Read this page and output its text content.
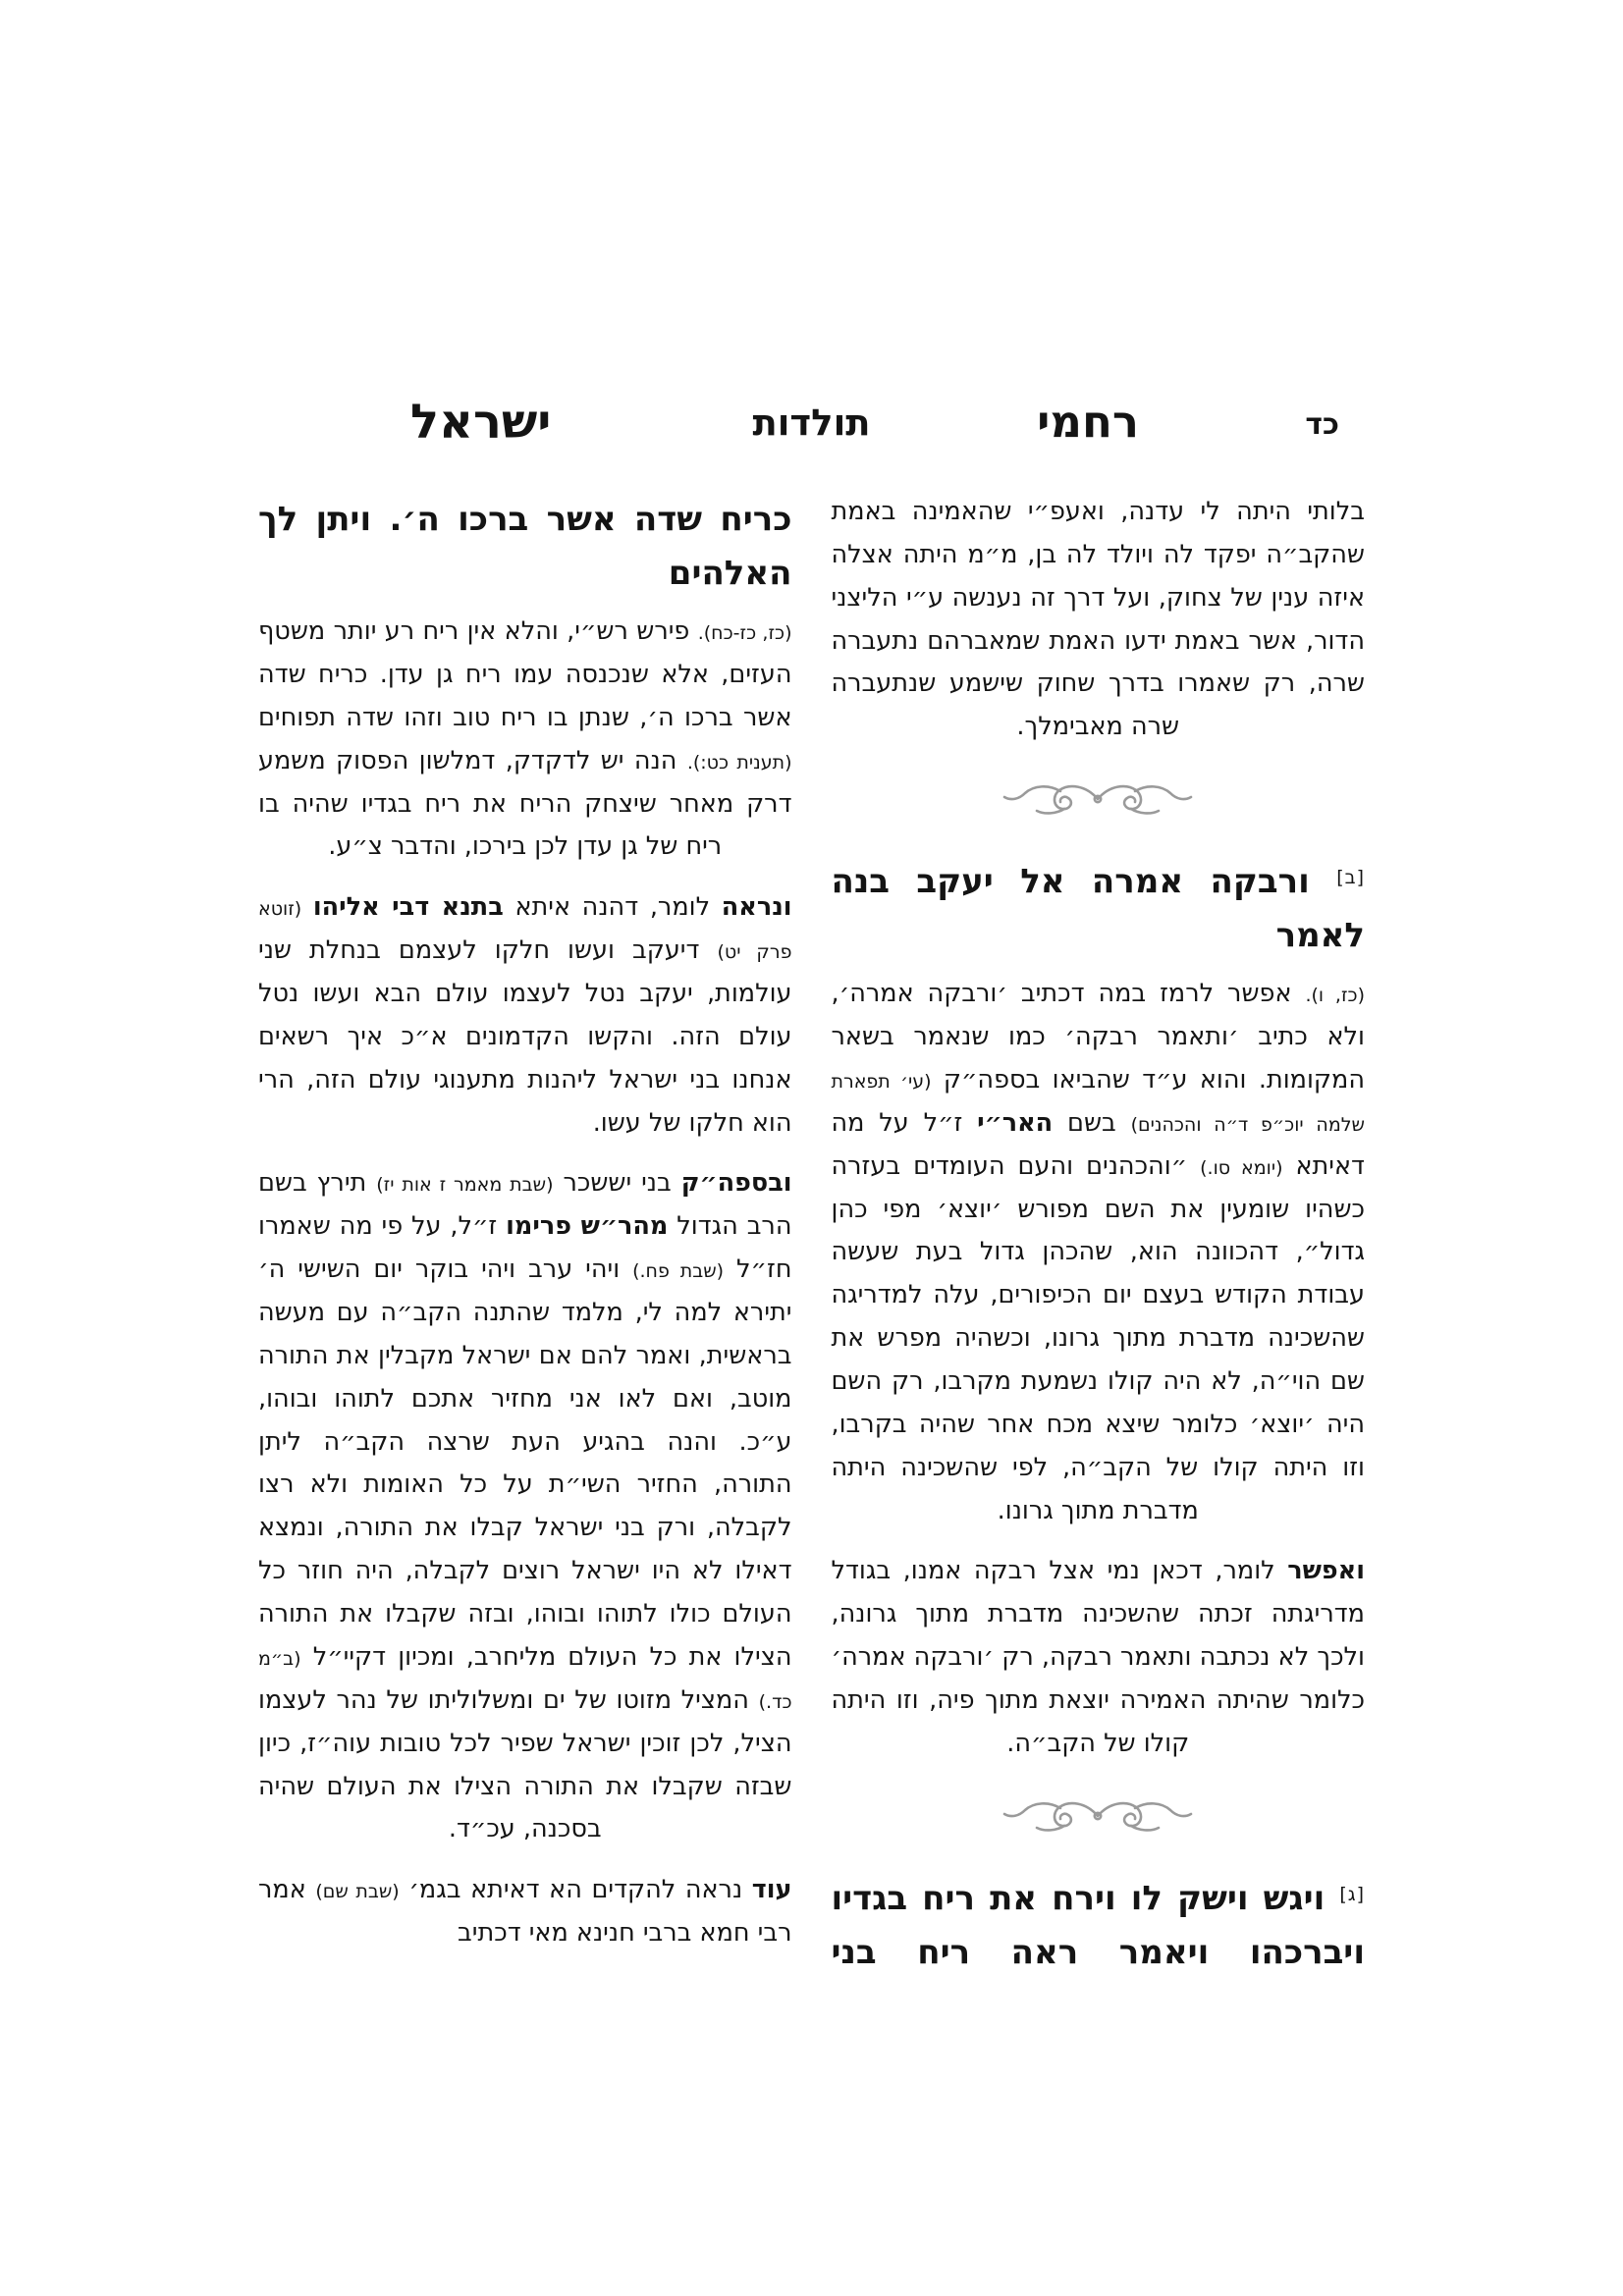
כד
רחמי
תולדות
ישראל

בלותי היתה לי עדנה, ואעפ״י שהאמינה באמת שהקב״ה יפקד לה ויולד לה בן, מ״מ היתה אצלה איזה ענין של צחוק, ועל דרך זה נענשה ע״י הליצני הדור, אשר באמת ידעו האמת שמאברהם נתעברה שרה, רק שאמרו בדרך שחוק שישמע שנתעברה שרה מאבימלך.

[ב] ורבקה אמרה אל יעקב בנה לאמר

(כז, ו). אפשר לרמז במה דכתיב ׳ורבקה אמרה׳, ולא כתיב ׳ותאמר רבקה׳ כמו שנאמר בשאר המקומות. והוא ע״ד שהביאו בספה״ק (עי׳ תפארת שלמה יוכ״פ ד״ה והכהנים) בשם האר״י ז״ל על מה דאיתא (יומא סו.) ״והכהנים והעם העומדים בעזרה כשהיו שומעין את השם מפורש ׳יוצא׳ מפי כהן גדול״, דהכוונה הוא, שהכהן גדול בעת שעשה עבודת הקודש בעצם יום הכיפורים, עלה למדריגה שהשכינה מדברת מתוך גרונו, וכשהיה מפרש את שם הוי״ה, לא היה קולו נשמעת מקרבו, רק השם היה ׳יוצא׳ כלומר שיצא מכח אחר שהיה בקרבו, וזו היתה קולו של הקב״ה, לפי שהשכינה היתה מדברת מתוך גרונו.

ואפשר לומר, דכאן נמי אצל רבקה אמנו, בגודל מדריגתה זכתה שהשכינה מדברת מתוך גרונה, ולכך לא נכתבה ותאמר רבקה, רק ׳ורבקה אמרה׳ כלומר שהיתה האמירה יוצאת מתוך פיה, וזו היתה קולו של הקב״ה.

[ג] ויגש וישק לו וירח את ריח בגדיו ויברכהו ויאמר ראה ריח בני
כריח שדה אשר ברכו ה׳. ויתן לך האלהים

(כז, כז-כח). פירש רש״י, והלא אין ריח רע יותר משטף העזים, אלא שנכנסה עמו ריח גן עדן. כריח שדה אשר ברכו ה׳, שנתן בו ריח טוב וזהו שדה תפוחים (תענית כט:). הנה יש לדקדק, דמלשון הפסוק משמע דרק מאחר שיצחק הריח את ריח בגדיו שהיה בו ריח של גן עדן לכן בירכו, והדבר צ״ע.

ונראה לומר, דהנה איתא בתנא דבי אליהו (זוטא פרק יט) דיעקב ועשו חלקו לעצמם בנחלת שני עולמות, יעקב נטל לעצמו עולם הבא ועשו נטל עולם הזה. והקשו הקדמונים א״כ איך רשאים אנחנו בני ישראל ליהנות מתענוגי עולם הזה, הרי הוא חלקו של עשו.

ובספה״ק בני יששכר (שבת מאמר ז אות יז) תירץ בשם הרב הגדול מהר״ש פרימו ז״ל, על פי מה שאמרו חז״ל (שבת פח.) ויהי ערב ויהי בוקר יום השישי ה׳ יתירא למה לי, מלמד שהתנה הקב״ה עם מעשה בראשית, ואמר להם אם ישראל מקבלין את התורה מוטב, ואם לאו אני מחזיר אתכם לתוהו ובוהו, ע״כ. והנה בהגיע העת שרצה הקב״ה ליתן התורה, החזיר השי״ת על כל האומות ולא רצו לקבלה, ורק בני ישראל קבלו את התורה, ונמצא דאילו לא היו ישראל רוצים לקבלה, היה חוזר כל העולם כולו לתוהו ובוהו, ובזה שקבלו את התורה הצילו את כל העולם מליחרב, ומכיון דקיי״ל (ב״מ כד.) המציל מזוטו של ים ומשלוליתו של נהר לעצמו הציל, לכן זוכין ישראל שפיר לכל טובות עוה״ז, כיון שבזה שקבלו את התורה הצילו את העולם שהיה בסכנה, עכ״ד.

עוד נראה להקדים הא דאיתא בגמ׳ (שבת שם) אמר רבי חמא ברבי חנינא מאי דכתיב
